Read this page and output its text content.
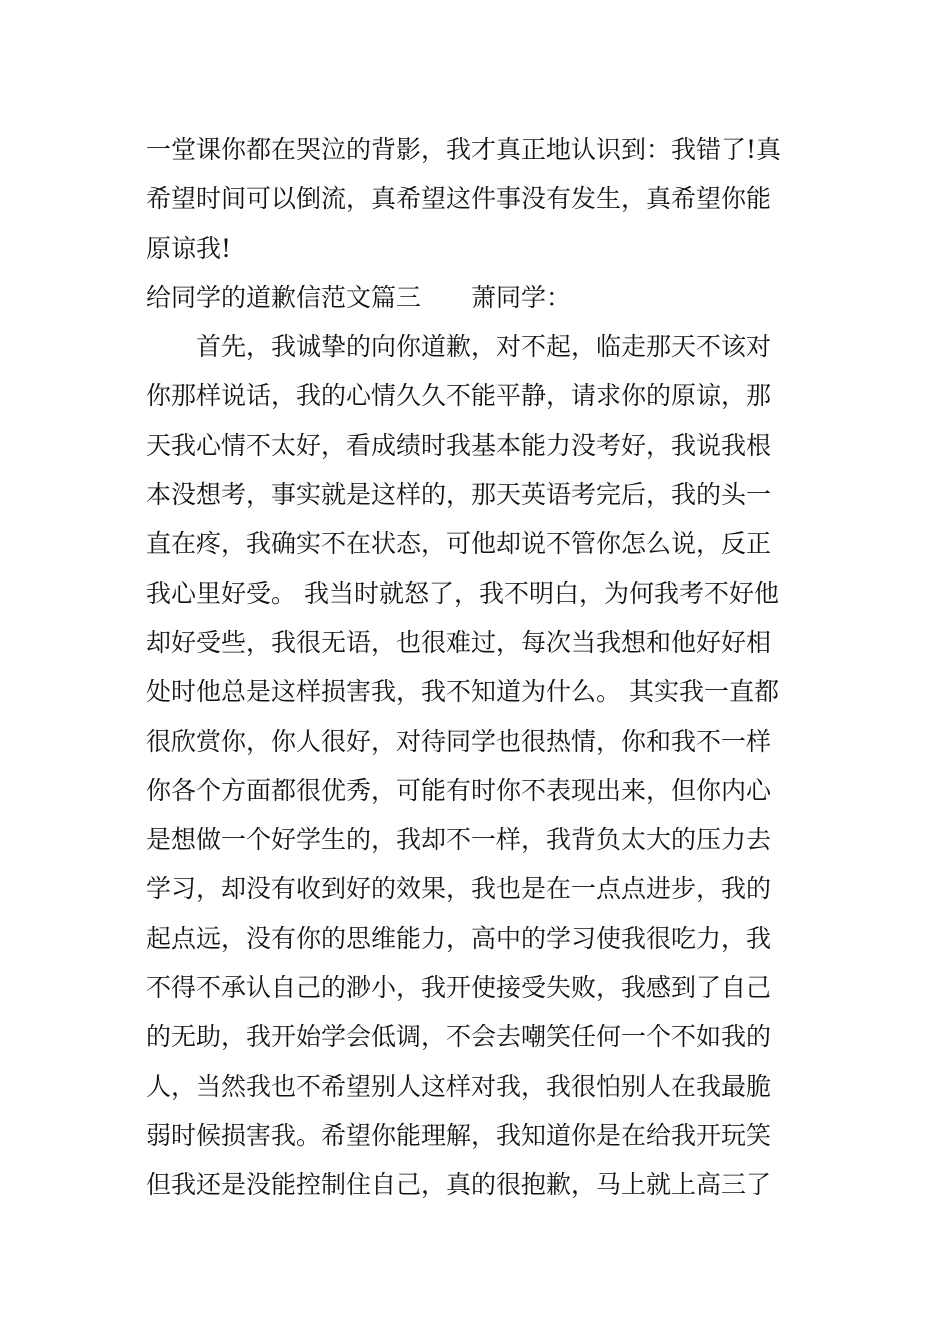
一堂课你都在哭泣的背影，我才真正地认识到：我错了!真
希望时间可以倒流，真希望这件事没有发生，真希望你能
原谅我!
给同学的道歉信范文篇三　　萧同学：
　　首先，我诚挚的向你道歉，对不起，临走那天不该对
你那样说话，我的心情久久不能平静，请求你的原谅，那
天我心情不太好，看成绩时我基本能力没考好，我说我根
本没想考，事实就是这样的，那天英语考完后，我的头一
直在疼，我确实不在状态，可他却说不管你怎么说，反正
我心里好受。 我当时就怒了，我不明白，为何我考不好他
却好受些，我很无语，也很难过，每次当我想和他好好相
处时他总是这样损害我，我不知道为什么。 其实我一直都
很欣赏你，你人很好，对待同学也很热情，你和我不一样
你各个方面都很优秀，可能有时你不表现出来，但你内心
是想做一个好学生的，我却不一样，我背负太大的压力去
学习，却没有收到好的效果，我也是在一点点进步，我的
起点远，没有你的思维能力，高中的学习使我很吃力，我
不得不承认自己的渺小，我开使接受失败，我感到了自己
的无助，我开始学会低调，不会去嘲笑任何一个不如我的
人，当然我也不希望别人这样对我，我很怕别人在我最脆
弱时候损害我。希望你能理解，我知道你是在给我开玩笑
但我还是没能控制住自己，真的很抱歉，马上就上高三了
